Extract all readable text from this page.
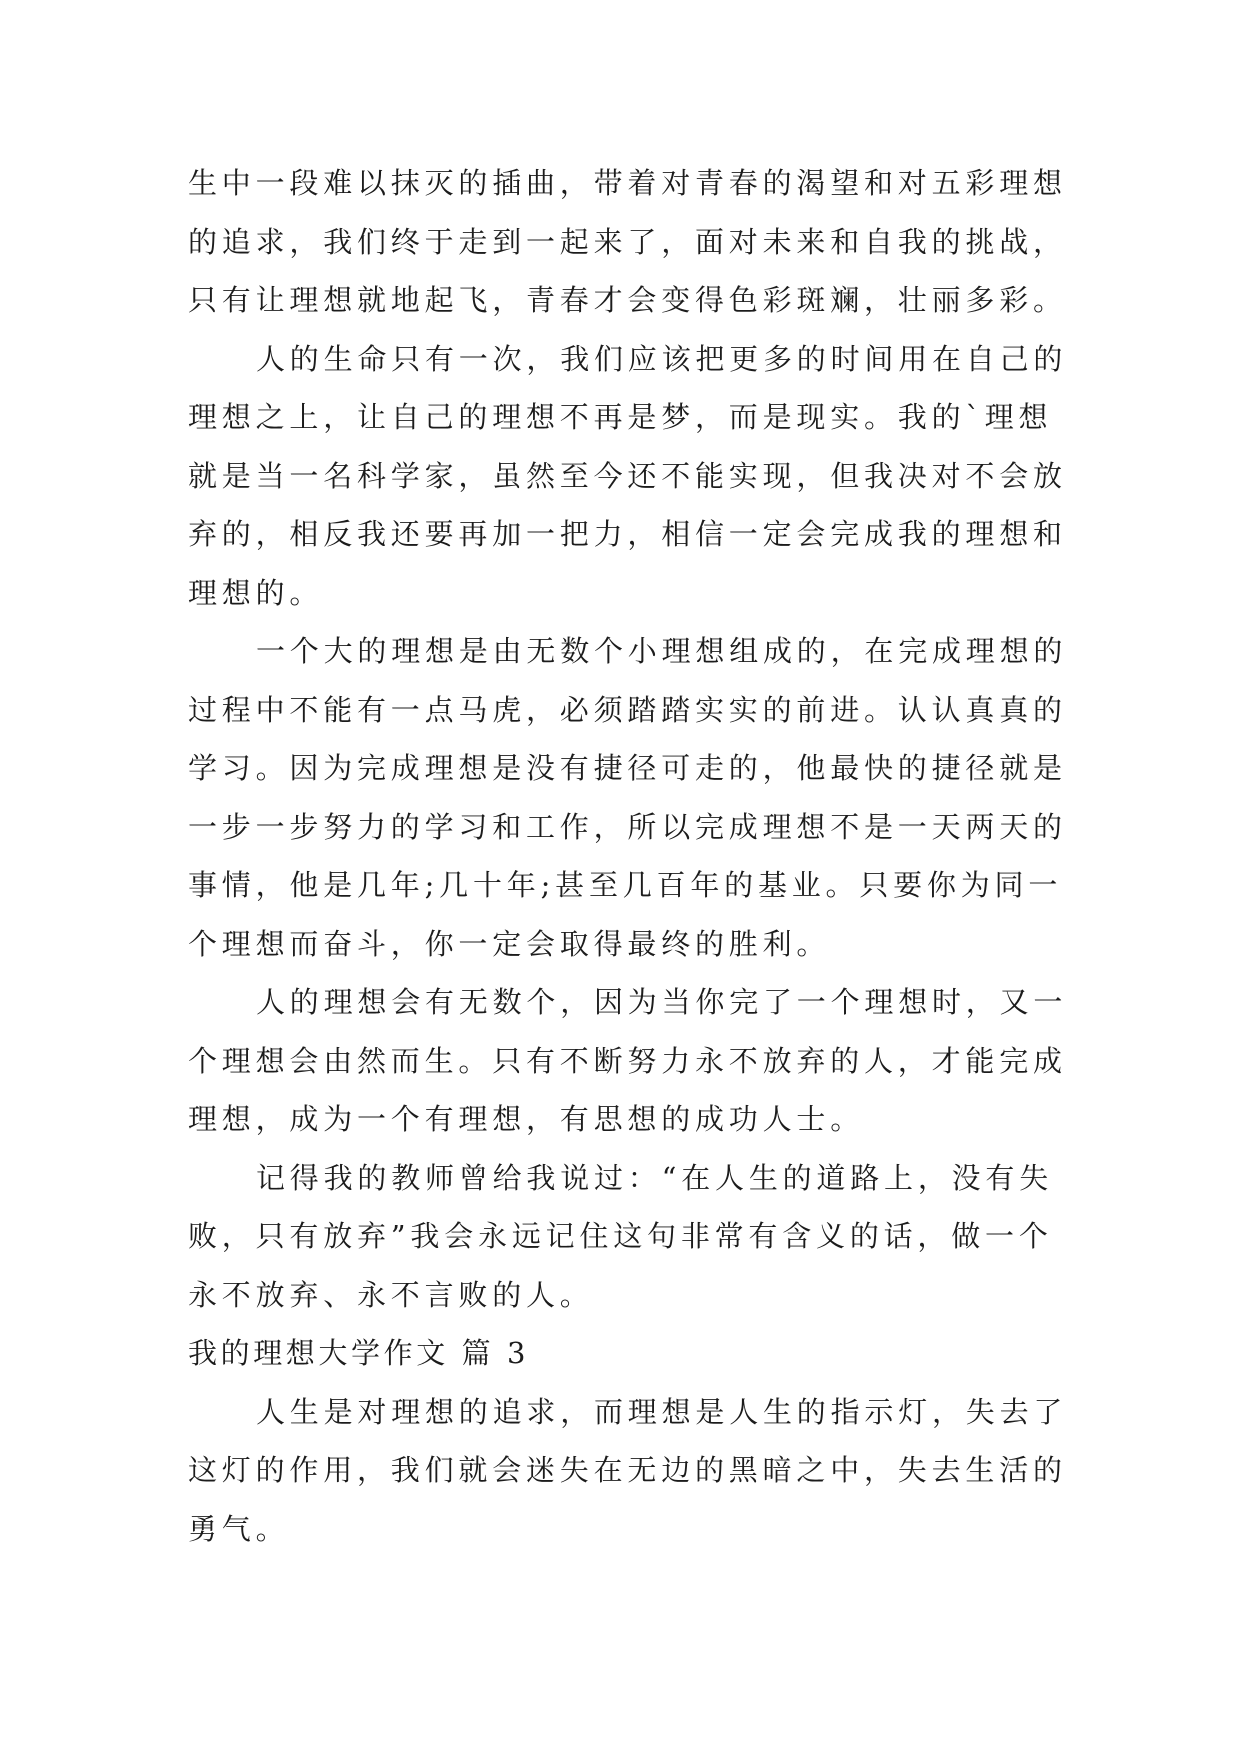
生中一段难以抹灭的插曲，带着对青春的渴望和对五彩理想
的追求，我们终于走到一起来了，面对未来和自我的挑战，
只有让理想就地起飞，青春才会变得色彩斑斓，壮丽多彩。
人的生命只有一次，我们应该把更多的时间用在自己的
理想之上，让自己的理想不再是梦，而是现实。我的`理想
就是当一名科学家，虽然至今还不能实现，但我决对不会放
弃的，相反我还要再加一把力，相信一定会完成我的理想和
理想的。
一个大的理想是由无数个小理想组成的，在完成理想的
过程中不能有一点马虎，必须踏踏实实的前进。认认真真的
学习。因为完成理想是没有捷径可走的，他最快的捷径就是
一步一步努力的学习和工作，所以完成理想不是一天两天的
事情，他是几年;几十年;甚至几百年的基业。只要你为同一
个理想而奋斗，你一定会取得最终的胜利。
人的理想会有无数个，因为当你完了一个理想时，又一
个理想会由然而生。只有不断努力永不放弃的人，才能完成
理想，成为一个有理想，有思想的成功人士。
记得我的教师曾给我说过：“在人生的道路上，没有失
败，只有放弃”我会永远记住这句非常有含义的话，做一个
永不放弃、永不言败的人。
我的理想大学作文 篇 3
人生是对理想的追求，而理想是人生的指示灯，失去了
这灯的作用，我们就会迷失在无边的黑暗之中，失去生活的
勇气。
